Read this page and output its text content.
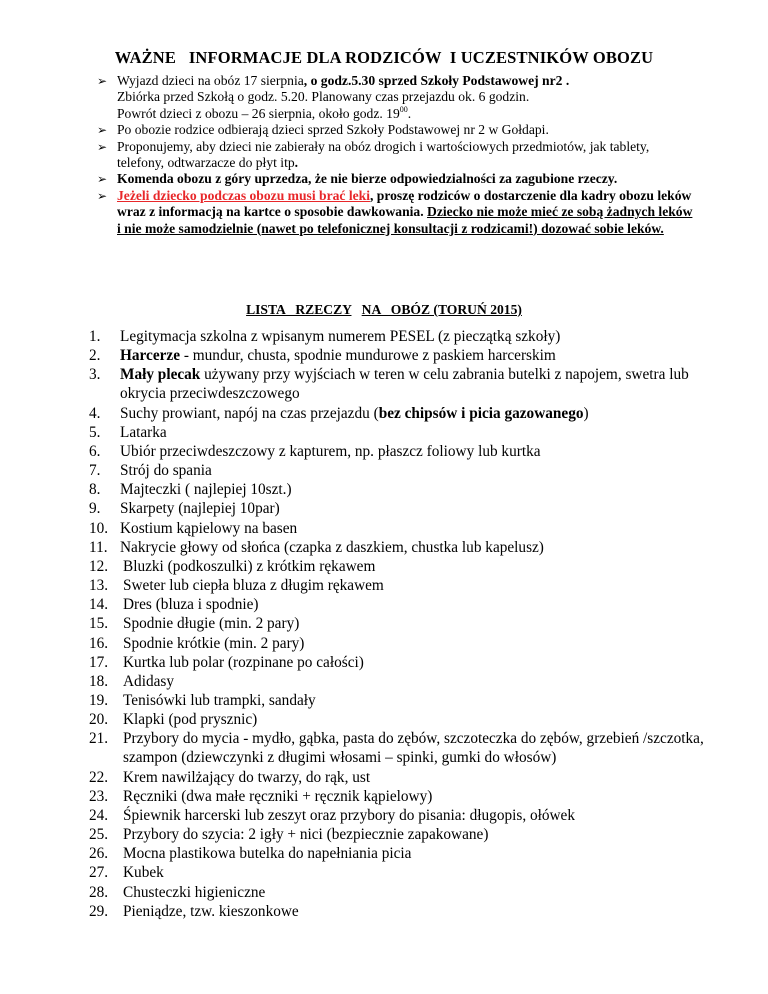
WAŻNE   INFORMACJE DLA RODZICÓW  I UCZESTNIKÓW OBOZU
➢ Wyjazd dzieci na obóz 17 sierpnia, o godz.5.30 sprzed Szkoły Podstawowej nr2 .
Zbiórka przed Szkołą o godz. 5.20. Planowany czas przejazdu ok. 6 godzin.
Powrót dzieci z obozu – 26 sierpnia, około godz. $19^{00}$.
➢ Po obozie rodzice odbierają dzieci sprzed Szkoły Podstawowej nr 2 w Gołdapi.
➢ Proponujemy, aby dzieci nie zabierały na obóz drogich i wartościowych przedmiotów, jak tablety, telefony, odtwarzacze do płyt itp.
➢ Komenda obozu z góry uprzedza, że nie bierze odpowiedzialności za zagubione rzeczy.
➢ Jeżeli dziecko podczas obozu musi brać leki, proszę rodziców o dostarczenie dla kadry obozu leków wraz z informacją na kartce o sposobie dawkowania. Dziecko nie może mieć ze sobą żadnych leków i nie może samodzielnie (nawet po telefonicznej konsultacji z rodzicami!) dozować sobie leków.
LISTA   RZECZY NA   OBÓZ (TORUŃ 2015)
1. Legitymacja szkolna z wpisanym numerem PESEL (z pieczątką szkoły)
2. Harcerze - mundur, chusta, spodnie mundurowe z paskiem harcerskim
3. Mały plecak używany przy wyjściach w teren w celu zabrania butelki z napojem, swetra lub okrycia przeciwdeszczowego
4. Suchy prowiant, napój na czas przejazdu (bez chipsów i picia gazowanego)
5. Latarka
6. Ubiór przeciwdeszczowy z kapturem, np. płaszcz foliowy lub kurtka
7. Strój do spania
8. Majteczki ( najlepiej 10szt.)
9. Skarpety (najlepiej 10par)
10. Kostium kąpielowy na basen
11. Nakrycie głowy od słońca (czapka z daszkiem, chustka lub kapelusz)
12. Bluzki (podkoszulki) z krótkim rękawem
13. Sweter lub ciepła bluza z długim rękawem
14. Dres (bluza i spodnie)
15. Spodnie długie (min. 2 pary)
16. Spodnie krótkie (min. 2 pary)
17. Kurtka lub polar (rozpinane po całości)
18. Adidasy
19. Tenisówki lub trampki, sandały
20. Klapki (pod prysznic)
21. Przybory do mycia - mydło, gąbka, pasta do zębów, szczoteczka do zębów, grzebień /szczotka, szampon (dziewczynki z długimi włosami – spinki, gumki do włosów)
22. Krem nawilżający do twarzy, do rąk, ust
23. Ręczniki (dwa małe ręczniki + ręcznik kąpielowy)
24. Śpiewnik harcerski lub zeszyt oraz przybory do pisania: długopis, ołówek
25. Przybory do szycia: 2 igły + nici (bezpiecznie zapakowane)
26. Mocna plastikowa butelka do napełniania picia
27. Kubek
28. Chusteczki higieniczne
29. Pieniądze, tzw. kieszonkowe
